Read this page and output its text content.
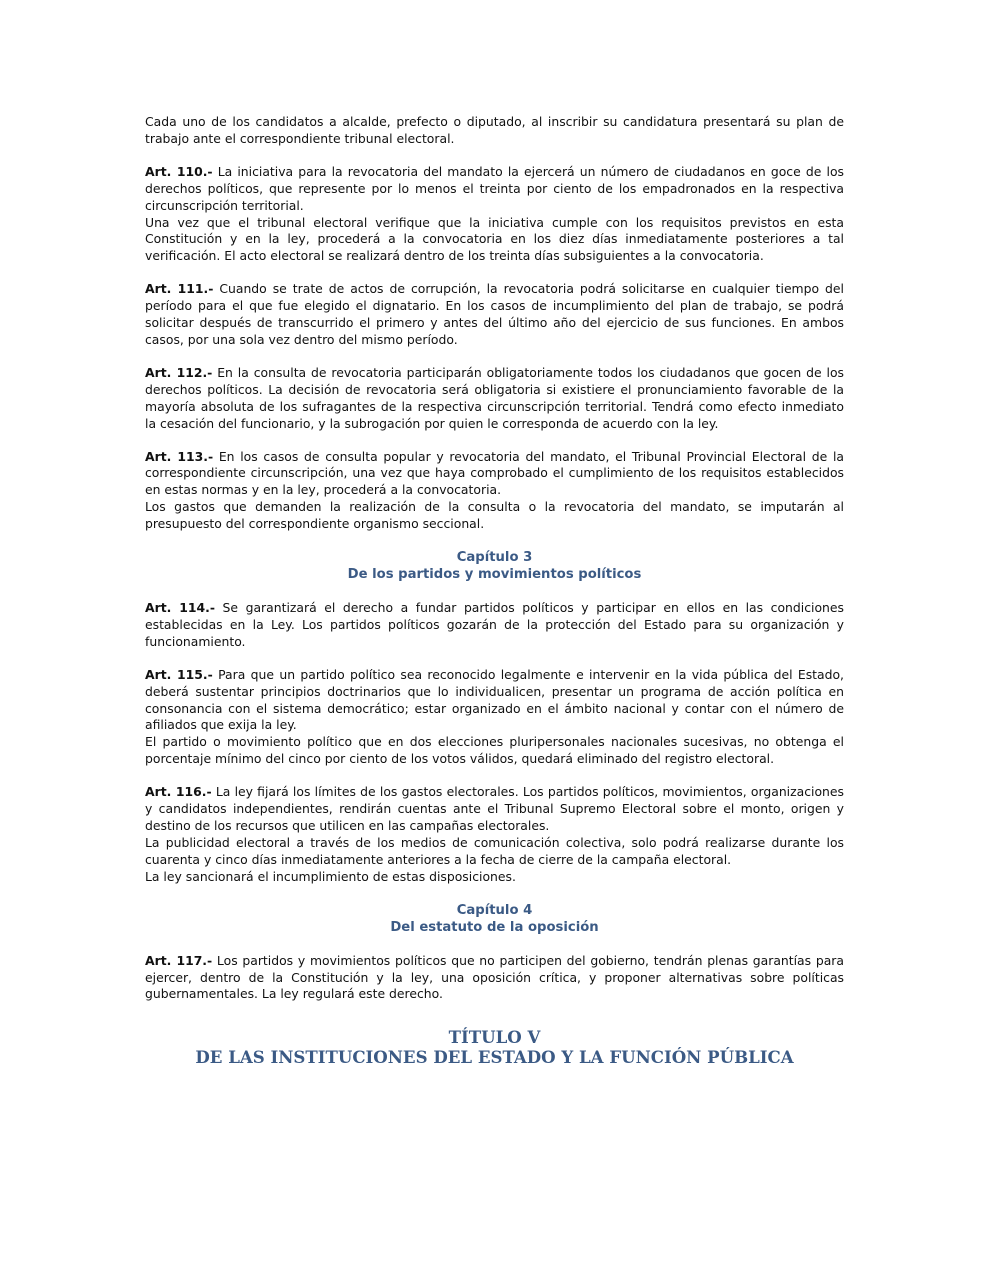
Cada uno de los candidatos a alcalde, prefecto o diputado, al inscribir su candidatura presentará su plan de trabajo ante el correspondiente tribunal electoral.

Art. 110.- La iniciativa para la revocatoria del mandato la ejercerá un número de ciudadanos en goce de los derechos políticos, que represente por lo menos el treinta por ciento de los empadronados en la respectiva circunscripción territorial.

Una vez que el tribunal electoral verifique que la iniciativa cumple con los requisitos previstos en esta Constitución y en la ley, procederá a la convocatoria en los diez días inmediatamente posteriores a tal verificación. El acto electoral se realizará dentro de los treinta días subsiguientes a la convocatoria.

Art. 111.- Cuando se trate de actos de corrupción, la revocatoria podrá solicitarse en cualquier tiempo del período para el que fue elegido el dignatario. En los casos de incumplimiento del plan de trabajo, se podrá solicitar después de transcurrido el primero y antes del último año del ejercicio de sus funciones. En ambos casos, por una sola vez dentro del mismo período.

Art. 112.- En la consulta de revocatoria participarán obligatoriamente todos los ciudadanos que gocen de los derechos políticos. La decisión de revocatoria será obligatoria si existiere el pronunciamiento favorable de la mayoría absoluta de los sufragantes de la respectiva circunscripción territorial. Tendrá como efecto inmediato la cesación del funcionario, y la subrogación por quien le corresponda de acuerdo con la ley.

Art. 113.- En los casos de consulta popular y revocatoria del mandato, el Tribunal Provincial Electoral de la correspondiente circunscripción, una vez que haya comprobado el cumplimiento de los requisitos establecidos en estas normas y en la ley, procederá a la convocatoria.

Los gastos que demanden la realización de la consulta o la revocatoria del mandato, se imputarán al presupuesto del correspondiente organismo seccional.

Capítulo 3
De los partidos y movimientos políticos

Art. 114.- Se garantizará el derecho a fundar partidos políticos y participar en ellos en las condiciones establecidas en la Ley. Los partidos políticos gozarán de la protección del Estado para su organización y funcionamiento.

Art. 115.- Para que un partido político sea reconocido legalmente e intervenir en la vida pública del Estado, deberá sustentar principios doctrinarios que lo individualicen, presentar un programa de acción política en consonancia con el sistema democrático; estar organizado en el ámbito nacional y contar con el número de afiliados que exija la ley.

El partido o movimiento político que en dos elecciones pluripersonales nacionales sucesivas, no obtenga el porcentaje mínimo del cinco por ciento de los votos válidos, quedará eliminado del registro electoral.

Art. 116.- La ley fijará los límites de los gastos electorales. Los partidos políticos, movimientos, organizaciones y candidatos independientes, rendirán cuentas ante el Tribunal Supremo Electoral sobre el monto, origen y destino de los recursos que utilicen en las campañas electorales.

La publicidad electoral a través de los medios de comunicación colectiva, solo podrá realizarse durante los cuarenta y cinco días inmediatamente anteriores a la fecha de cierre de la campaña electoral.

La ley sancionará el incumplimiento de estas disposiciones.

Capítulo 4
Del estatuto de la oposición

Art. 117.- Los partidos y movimientos políticos que no participen del gobierno, tendrán plenas garantías para ejercer, dentro de la Constitución y la ley, una oposición crítica, y proponer alternativas sobre políticas gubernamentales. La ley regulará este derecho.

TÍTULO V
DE LAS INSTITUCIONES DEL ESTADO Y LA FUNCIÓN PÚBLICA
